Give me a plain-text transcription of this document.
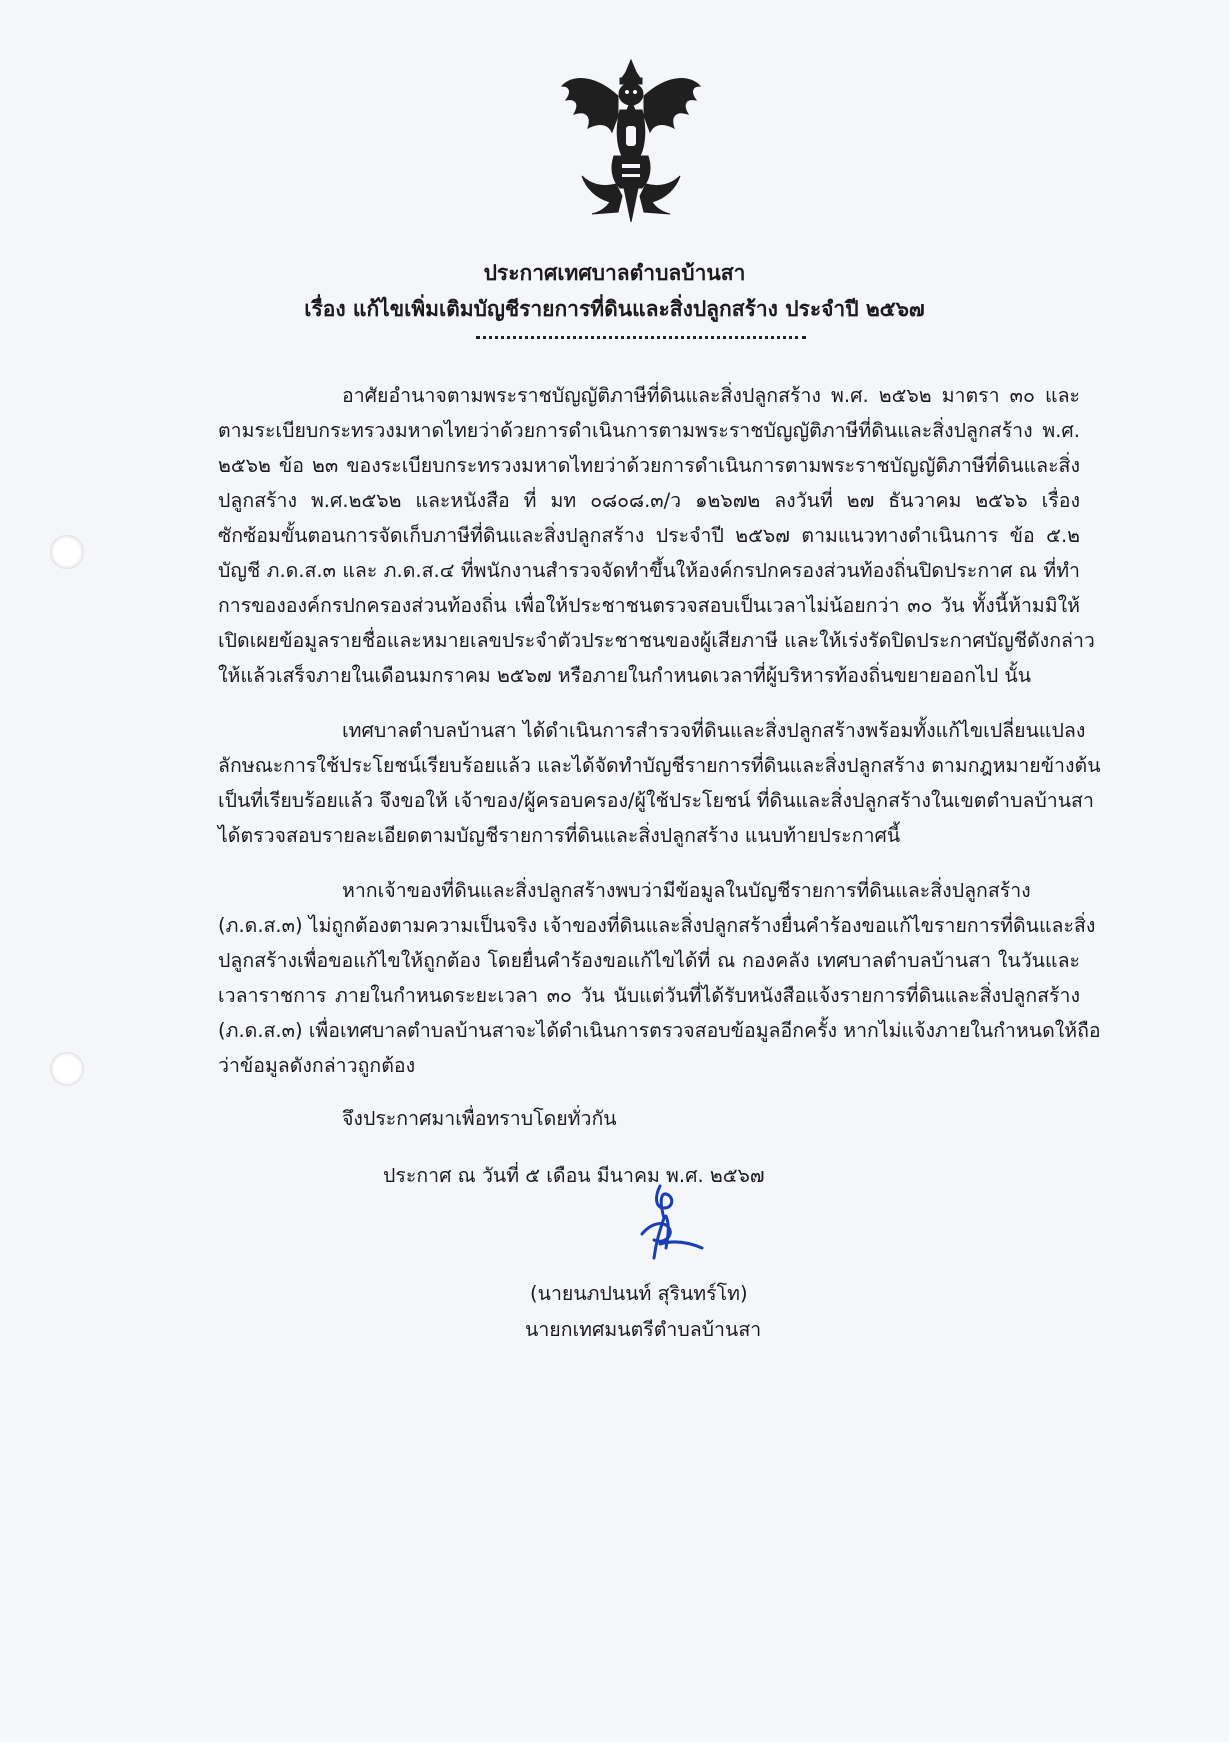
ประกาศเทศบาลตำบลบ้านสา
เรื่อง แก้ไขเพิ่มเติมบัญชีรายการที่ดินและสิ่งปลูกสร้าง ประจำปี ๒๕๖๗
อาศัยอำนาจตามพระราชบัญญัติภาษีที่ดินและสิ่งปลูกสร้าง พ.ศ. ๒๕๖๒ มาตรา ๓๐ และ
ตามระเบียบกระทรวงมหาดไทยว่าด้วยการดำเนินการตามพระราชบัญญัติภาษีที่ดินและสิ่งปลูกสร้าง พ.ศ.
๒๕๖๒ ข้อ ๒๓ ของระเบียบกระทรวงมหาดไทยว่าด้วยการดำเนินการตามพระราชบัญญัติภาษีที่ดินและสิ่ง
ปลูกสร้าง พ.ศ.๒๕๖๒ และหนังสือ ที่ มท ๐๘๐๘.๓/ว ๑๒๖๗๒ ลงวันที่ ๒๗ ธันวาคม ๒๕๖๖ เรื่อง
ซักซ้อมขั้นตอนการจัดเก็บภาษีที่ดินและสิ่งปลูกสร้าง ประจำปี ๒๕๖๗ ตามแนวทางดำเนินการ ข้อ ๕.๒
บัญชี ภ.ด.ส.๓ และ ภ.ด.ส.๔ ที่พนักงานสำรวจจัดทำขึ้นให้องค์กรปกครองส่วนท้องถิ่นปิดประกาศ ณ ที่ทำ
การขององค์กรปกครองส่วนท้องถิ่น เพื่อให้ประชาชนตรวจสอบเป็นเวลาไม่น้อยกว่า ๓๐ วัน ทั้งนี้ห้ามมิให้
เปิดเผยข้อมูลรายชื่อและหมายเลขประจำตัวประชาชนของผู้เสียภาษี และให้เร่งรัดปิดประกาศบัญชีดังกล่าว
ให้แล้วเสร็จภายในเดือนมกราคม ๒๕๖๗ หรือภายในกำหนดเวลาที่ผู้บริหารท้องถิ่นขยายออกไป นั้น
เทศบาลตำบลบ้านสา ได้ดำเนินการสำรวจที่ดินและสิ่งปลูกสร้างพร้อมทั้งแก้ไขเปลี่ยนแปลง
ลักษณะการใช้ประโยชน์เรียบร้อยแล้ว และได้จัดทำบัญชีรายการที่ดินและสิ่งปลูกสร้าง ตามกฎหมายข้างต้น
เป็นที่เรียบร้อยแล้ว จึงขอให้ เจ้าของ/ผู้ครอบครอง/ผู้ใช้ประโยชน์ ที่ดินและสิ่งปลูกสร้างในเขตตำบลบ้านสา
ได้ตรวจสอบรายละเอียดตามบัญชีรายการที่ดินและสิ่งปลูกสร้าง แนบท้ายประกาศนี้
หากเจ้าของที่ดินและสิ่งปลูกสร้างพบว่ามีข้อมูลในบัญชีรายการที่ดินและสิ่งปลูกสร้าง
(ภ.ด.ส.๓) ไม่ถูกต้องตามความเป็นจริง เจ้าของที่ดินและสิ่งปลูกสร้างยื่นคำร้องขอแก้ไขรายการที่ดินและสิ่ง
ปลูกสร้างเพื่อขอแก้ไขให้ถูกต้อง โดยยื่นคำร้องขอแก้ไขได้ที่ ณ กองคลัง เทศบาลตำบลบ้านสา ในวันและ
เวลาราชการ ภายในกำหนดระยะเวลา ๓๐ วัน นับแต่วันที่ได้รับหนังสือแจ้งรายการที่ดินและสิ่งปลูกสร้าง
(ภ.ด.ส.๓) เพื่อเทศบาลตำบลบ้านสาจะได้ดำเนินการตรวจสอบข้อมูลอีกครั้ง หากไม่แจ้งภายในกำหนดให้ถือ
ว่าข้อมูลดังกล่าวถูกต้อง
จึงประกาศมาเพื่อทราบโดยทั่วกัน
ประกาศ ณ วันที่ ๕ เดือน มีนาคม พ.ศ. ๒๕๖๗
(นายนภปนนท์ สุรินทร์โท)
นายกเทศมนตรีตำบลบ้านสา
